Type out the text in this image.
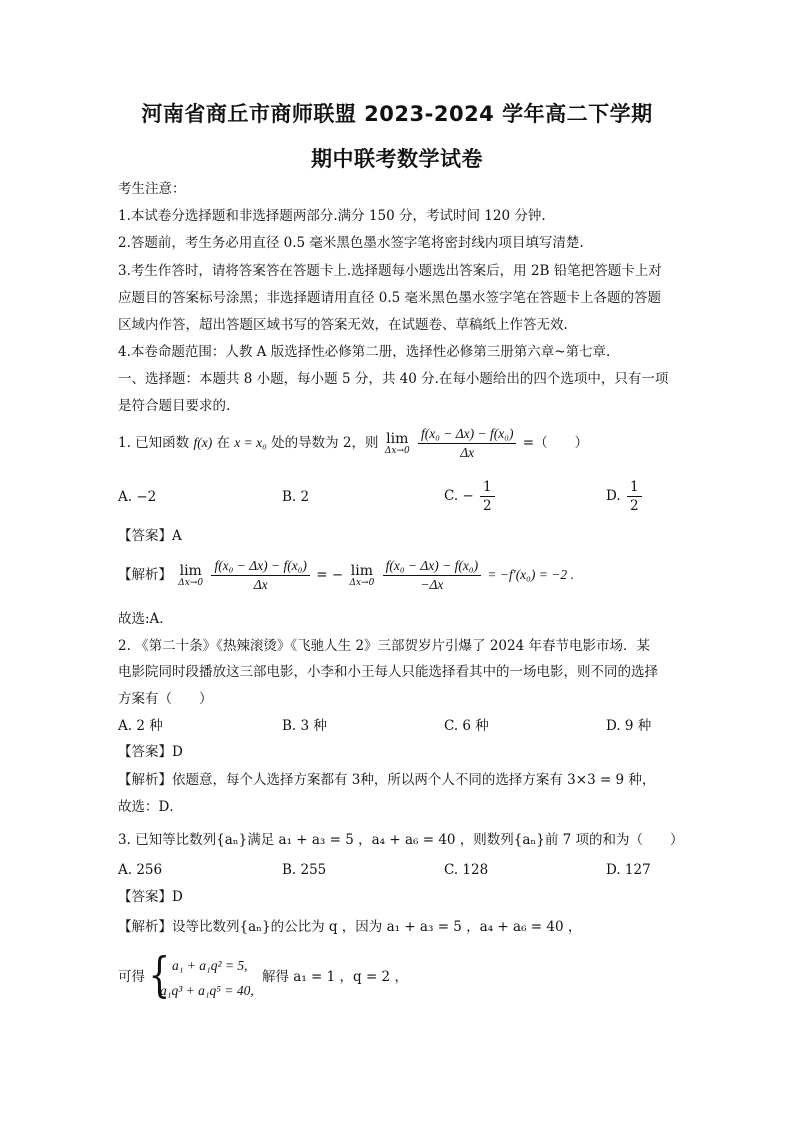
河南省商丘市商师联盟 2023-2024 学年高二下学期
期中联考数学试卷
考生注意：
1.本试卷分选择题和非选择题两部分.满分 150 分，考试时间 120 分钟.
2.答题前，考生务必用直径 0.5 毫米黑色墨水签字笔将密封线内项目填写清楚.
3.考生作答时，请将答案答在答题卡上.选择题每小题选出答案后，用 2B 铅笔把答题卡上对
应题目的答案标号涂黑；非选择题请用直径 0.5 毫米黑色墨水签字笔在答题卡上各题的答题
区域内作答，超出答题区域书写的答案无效，在试题卷、草稿纸上作答无效.
4.本卷命题范围：人教 A 版选择性必修第二册，选择性必修第三册第六章~第七章.
一、选择题：本题共 8 小题，每小题 5 分，共 40 分.在每小题给出的四个选项中，只有一项
是符合题目要求的.
1. 已知函数 f(x) 在 x = x₀ 处的导数为 2，则 lim
Δx→0
$\frac{\text{f(x₀ − Δx) − f(x₀)}}{\Delta x}$ =（　　）
A. −2	B. 2	C. − $\frac{1}{2}$	D. $\frac{1}{2}$
【答案】A
【解析】 lim
Δx→0
$\frac{\text{f(x₀ − Δx) − f(x₀)}}{\Delta x}$ = − lim
Δx→0
$\frac{\text{f(x₀ − Δx) − f(x₀)}}{-\Delta x} = -f'(x_0) = -2$ .
故选:A．
2. 《第二十条》《热辣滚烫》《飞驰人生 2》三部贺岁片引爆了 2024 年春节电影市场．某
电影院同时段播放这三部电影，小李和小王每人只能选择看其中的一场电影，则不同的选择
方案有（　　）
A. 2 种	B. 3 种	C. 6 种	D. 9 种
【答案】D
【解析】依题意，每个人选择方案都有 3种，所以两个人不同的选择方案有 3×3 = 9 种，
故选：D．
3. 已知等比数列{aₙ}满足 a₁ + a₃ = 5 ，a₄ + a₆ = 40 ，则数列{aₙ}前 7 项的和为（　　）
A. 256	B. 255	C. 128	D. 127
【答案】D
【解析】设等比数列{aₙ}的公比为 q ，因为 a₁ + a₃ = 5 ，a₄ + a₆ = 40 ，
可得 { a₁ + a₁q² = 5,
a₁q³ + a₁q⁵ = 40,
解得 a₁ = 1 ，q = 2 ，
